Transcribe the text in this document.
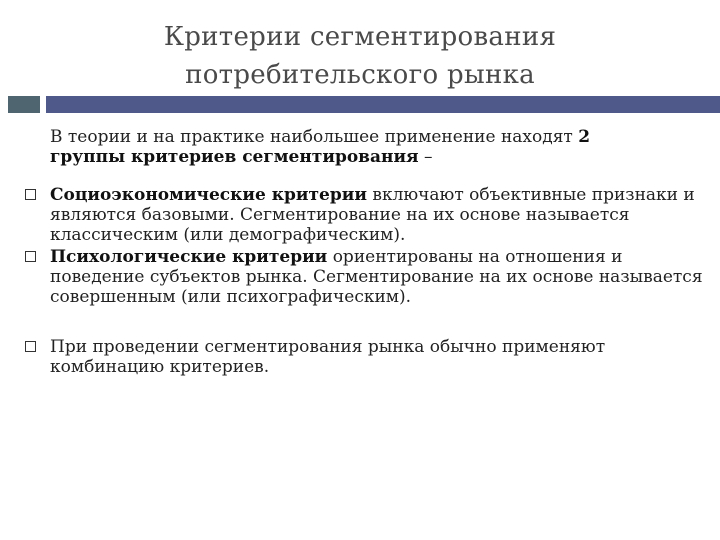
Критерии сегментирования
потребительского рынка

В теории и на практике наибольшее применение находят 2
группы критериев сегментирования –

Социоэкономические критерии включают объективные признаки и являются базовыми. Сегментирование на их основе называется классическим (или демографическим).
Психологические критерии ориентированы на отношения и поведение субъектов рынка. Сегментирование на их основе называется совершенным (или психографическим).
При проведении сегментирования рынка обычно применяют комбинацию критериев.
